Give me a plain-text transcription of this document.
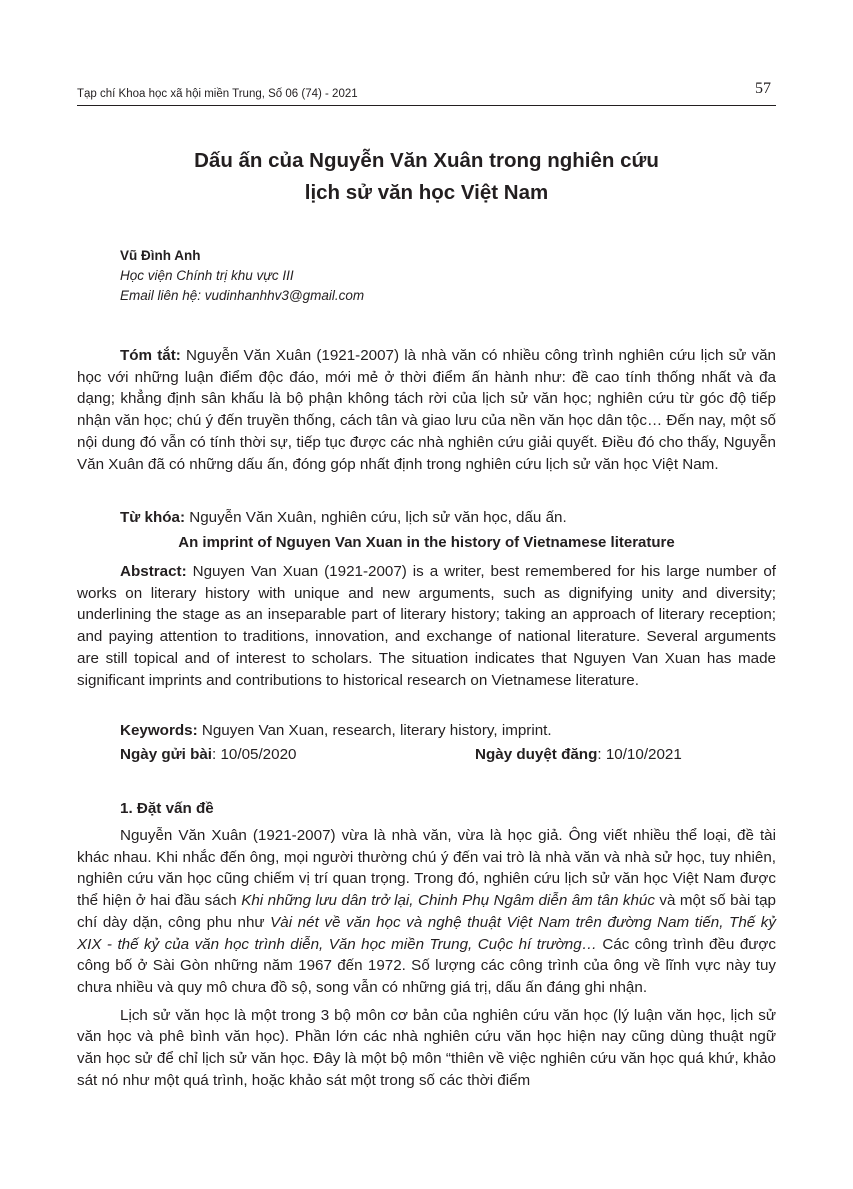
Tạp chí Khoa học xã hội miền Trung, Số 06 (74) - 2021	57
Dấu ấn của Nguyễn Văn Xuân trong nghiên cứu
lịch sử văn học Việt Nam
Vũ Đình Anh
Học viện Chính trị khu vực III
Email liên hệ: vudinhanhhv3@gmail.com

Tóm tắt: Nguyễn Văn Xuân (1921-2007) là nhà văn có nhiều công trình nghiên cứu lịch sử văn học với những luận điểm độc đáo, mới mẻ ở thời điểm ấn hành như: đề cao tính thống nhất và đa dạng; khẳng định sân khấu là bộ phận không tách rời của lịch sử văn học; nghiên cứu từ góc độ tiếp nhận văn học; chú ý đến truyền thống, cách tân và giao lưu của nền văn học dân tộc… Đến nay, một số nội dung đó vẫn có tính thời sự, tiếp tục được các nhà nghiên cứu giải quyết. Điều đó cho thấy, Nguyễn Văn Xuân đã có những dấu ấn, đóng góp nhất định trong nghiên cứu lịch sử văn học Việt Nam.

Từ khóa: Nguyễn Văn Xuân, nghiên cứu, lịch sử văn học, dấu ấn.

An imprint of Nguyen Van Xuan in the history of Vietnamese literature

Abstract: Nguyen Van Xuan (1921-2007) is a writer, best remembered for his large number of works on literary history with unique and new arguments, such as dignifying unity and diversity; underlining the stage as an inseparable part of literary history; taking an approach of literary reception; and paying attention to traditions, innovation, and exchange of national literature. Several arguments are still topical and of interest to scholars. The situation indicates that Nguyen Van Xuan has made significant imprints and contributions to historical research on Vietnamese literature.

Keywords: Nguyen Van Xuan, research, literary history, imprint.

Ngày gửi bài: 10/05/2020	Ngày duyệt đăng: 10/10/2021
1. Đặt vấn đề

Nguyễn Văn Xuân (1921-2007) vừa là nhà văn, vừa là học giả. Ông viết nhiều thể loại, đề tài khác nhau. Khi nhắc đến ông, mọi người thường chú ý đến vai trò là nhà văn và nhà sử học, tuy nhiên, nghiên cứu văn học cũng chiếm vị trí quan trọng. Trong đó, nghiên cứu lịch sử văn học Việt Nam được thể hiện ở hai đầu sách Khi những lưu dân trở lại, Chinh Phụ Ngâm diễn âm tân khúc và một số bài tạp chí dày dặn, công phu như Vài nét về văn học và nghệ thuật Việt Nam trên đường Nam tiến, Thế kỷ XIX - thế kỷ của văn học trình diễn, Văn học miền Trung, Cuộc hí trường… Các công trình đều được công bố ở Sài Gòn những năm 1967 đến 1972. Số lượng các công trình của ông về lĩnh vực này tuy chưa nhiều và quy mô chưa đồ sộ, song vẫn có những giá trị, dấu ấn đáng ghi nhận.

Lịch sử văn học là một trong 3 bộ môn cơ bản của nghiên cứu văn học (lý luận văn học, lịch sử văn học và phê bình văn học). Phần lớn các nhà nghiên cứu văn học hiện nay cũng dùng thuật ngữ văn học sử để chỉ lịch sử văn học. Đây là một bộ môn “thiên về việc nghiên cứu văn học quá khứ, khảo sát nó như một quá trình, hoặc khảo sát một trong số các thời điểm
